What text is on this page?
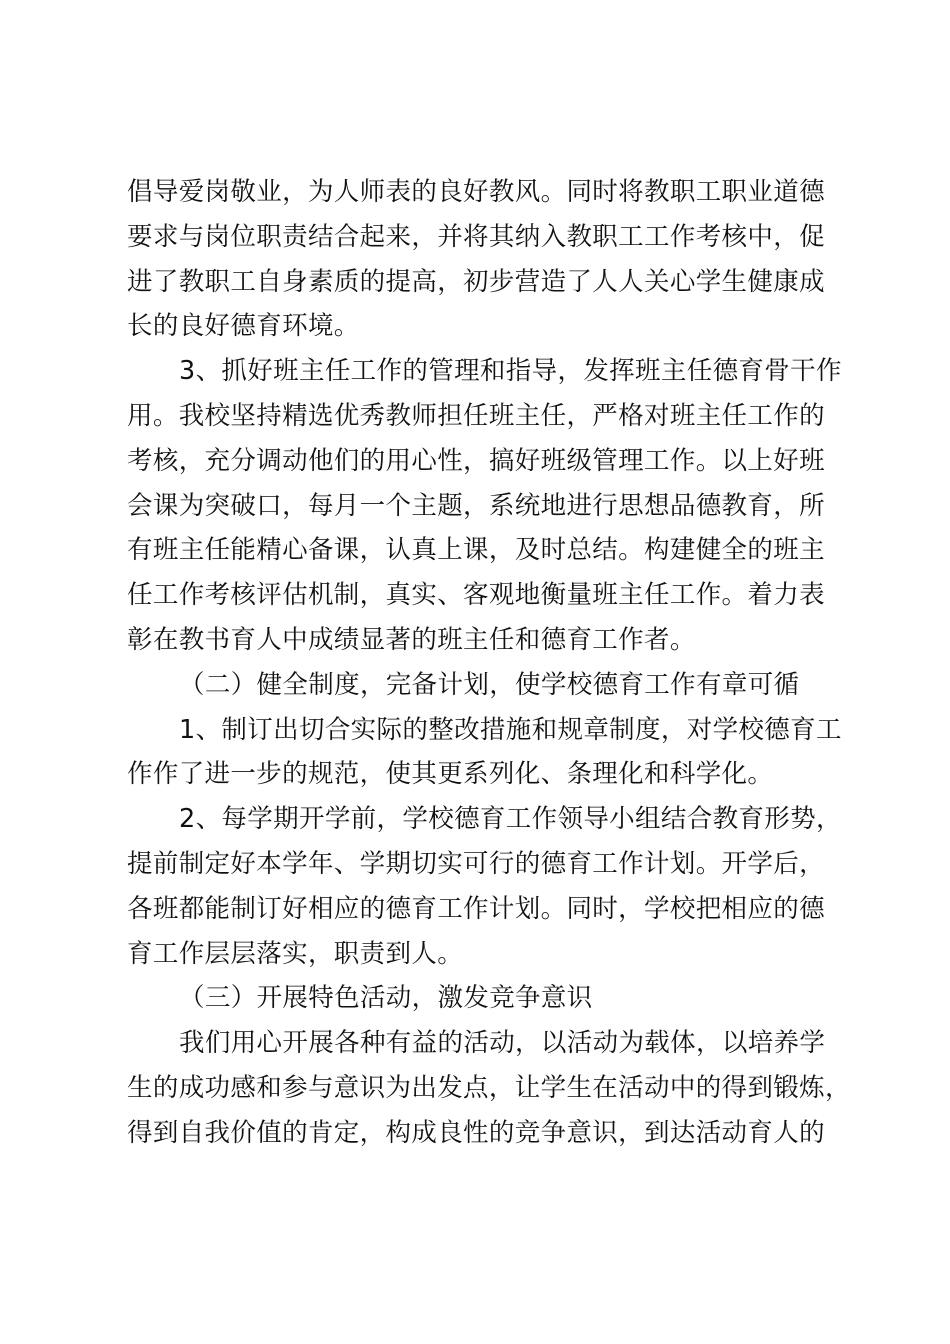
倡导爱岗敬业，为人师表的良好教风。同时将教职工职业道德
要求与岗位职责结合起来，并将其纳入教职工工作考核中，促
进了教职工自身素质的提高，初步营造了人人关心学生健康成
长的良好德育环境。
3、抓好班主任工作的管理和指导，发挥班主任德育骨干作
用。我校坚持精选优秀教师担任班主任，严格对班主任工作的
考核，充分调动他们的用心性，搞好班级管理工作。以上好班
会课为突破口，每月一个主题，系统地进行思想品德教育，所
有班主任能精心备课，认真上课，及时总结。构建健全的班主
任工作考核评估机制，真实、客观地衡量班主任工作。着力表
彰在教书育人中成绩显著的班主任和德育工作者。
（二）健全制度，完备计划，使学校德育工作有章可循
1、制订出切合实际的整改措施和规章制度，对学校德育工
作作了进一步的规范，使其更系列化、条理化和科学化。
2、每学期开学前，学校德育工作领导小组结合教育形势，
提前制定好本学年、学期切实可行的德育工作计划。开学后，
各班都能制订好相应的德育工作计划。同时，学校把相应的德
育工作层层落实，职责到人。
（三）开展特色活动，激发竞争意识
我们用心开展各种有益的活动，以活动为载体，以培养学
生的成功感和参与意识为出发点，让学生在活动中的得到锻炼，
得到自我价值的肯定，构成良性的竞争意识，到达活动育人的
